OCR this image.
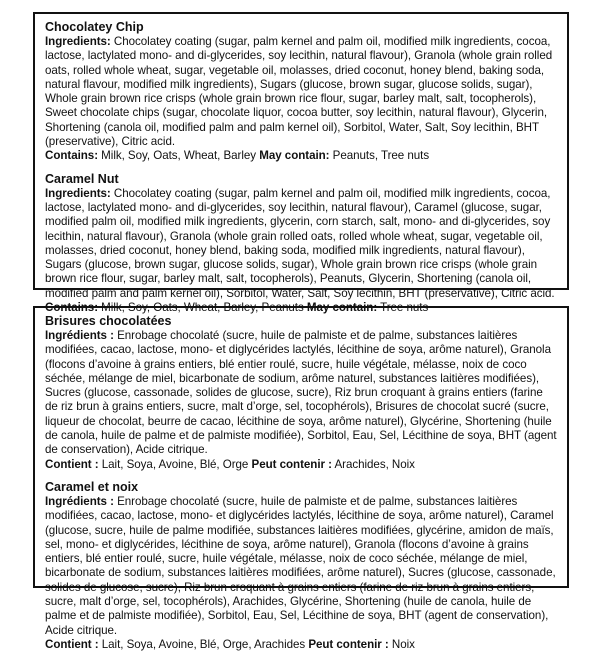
Chocolatey Chip

Ingredients: Chocolatey coating (sugar, palm kernel and palm oil, modified milk ingredients, cocoa, lactose, lactylated mono- and di-glycerides, soy lecithin, natural flavour), Granola (whole grain rolled oats, rolled whole wheat, sugar, vegetable oil, molasses, dried coconut, honey blend, baking soda, natural flavour, modified milk ingredients), Sugars (glucose, brown sugar, glucose solids, sugar), Whole grain brown rice crisps (whole grain brown rice flour, sugar, barley malt, salt, tocopherols), Sweet chocolate chips (sugar, chocolate liquor, cocoa butter, soy lecithin, natural flavour), Glycerin, Shortening (canola oil, modified palm and palm kernel oil), Sorbitol, Water, Salt, Soy lecithin, BHT (preservative), Citric acid.

Contains: Milk, Soy, Oats, Wheat, Barley May contain: Peanuts, Tree nuts

Caramel Nut

Ingredients: Chocolatey coating (sugar, palm kernel and palm oil, modified milk ingredients, cocoa, lactose, lactylated mono- and di-glycerides, soy lecithin, natural flavour), Caramel (glucose, sugar, modified palm oil, modified milk ingredients, glycerin, corn starch, salt, mono- and di-glycerides, soy lecithin, natural flavour), Granola (whole grain rolled oats, rolled whole wheat, sugar, vegetable oil, molasses, dried coconut, honey blend, baking soda, modified milk ingredients, natural flavour), Sugars (glucose, brown sugar, glucose solids, sugar), Whole grain brown rice crisps (whole grain brown rice flour, sugar, barley malt, salt, tocopherols), Peanuts, Glycerin, Shortening (canola oil, modified palm and palm kernel oil), Sorbitol, Water, Salt, Soy lecithin, BHT (preservative), Citric acid.

Contains: Milk, Soy, Oats, Wheat, Barley, Peanuts May contain: Tree nuts

Brisures chocolatées

Ingrédients : Enrobage chocolaté (sucre, huile de palmiste et de palme, substances laitières modifiées, cacao, lactose, mono- et diglycérides lactylés, lécithine de soya, arôme naturel), Granola (flocons d’avoine à grains entiers, blé entier roulé, sucre, huile végétale, mélasse, noix de coco séchée, mélange de miel, bicarbonate de sodium, arôme naturel, substances laitières modifiées), Sucres (glucose, cassonade, solides de glucose, sucre), Riz brun croquant à grains entiers (farine de riz brun à grains entiers, sucre, malt d’orge, sel, tocophérols), Brisures de chocolat sucré (sucre, liqueur de chocolat, beurre de cacao, lécithine de soya, arôme naturel), Glycérine, Shortening (huile de canola, huile de palme et de palmiste modifiée), Sorbitol, Eau, Sel, Lécithine de soya, BHT (agent de conservation), Acide citrique.

Contient : Lait, Soya, Avoine, Blé, Orge Peut contenir : Arachides, Noix

Caramel et noix

Ingrédients : Enrobage chocolaté (sucre, huile de palmiste et de palme, substances laitières modifiées, cacao, lactose, mono- et diglycérides lactylés, lécithine de soya, arôme naturel), Caramel (glucose, sucre, huile de palme modifiée, substances laitières modifiées, glycérine, amidon de maïs, sel, mono- et diglycérides, lécithine de soya, arôme naturel), Granola (flocons d’avoine à grains entiers, blé entier roulé, sucre, huile végétale, mélasse, noix de coco séchée, mélange de miel, bicarbonate de sodium, substances laitières modifiées, arôme naturel), Sucres (glucose, cassonade, solides de glucose, sucre), Riz brun croquant à grains entiers (farine de riz brun à grains entiers, sucre, malt d’orge, sel, tocophérols), Arachides, Glycérine, Shortening (huile de canola, huile de palme et de palmiste modifiée), Sorbitol, Eau, Sel, Lécithine de soya, BHT (agent de conservation), Acide citrique.

Contient : Lait, Soya, Avoine, Blé, Orge, Arachides Peut contenir : Noix
